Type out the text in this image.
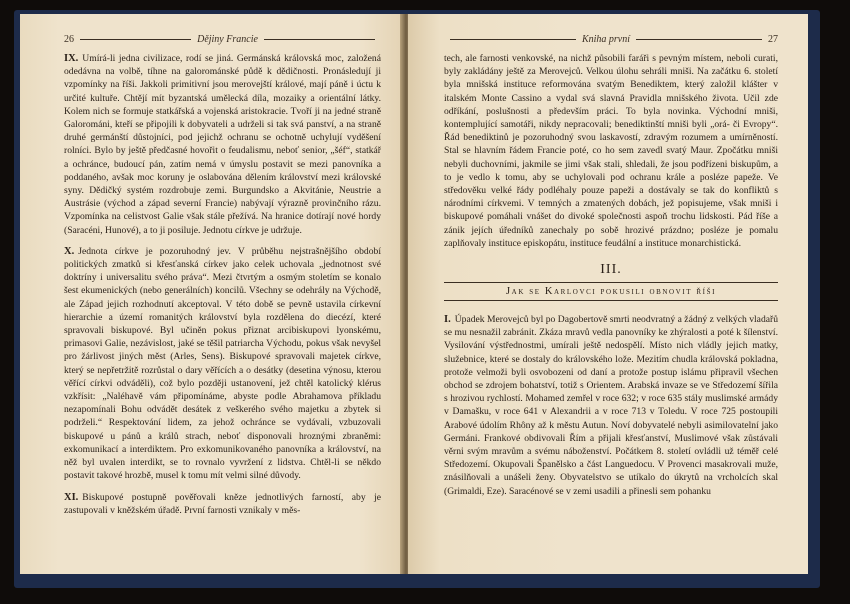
26	Dějiny Francie

IX. Umírá-li jedna civilizace, rodí se jiná. Germánská královská moc, založená odedávna na volbě, tíhne na galorománské půdě k dědičnosti. Pronásledují ji vzpomínky na říši. Jakkoli primitivní jsou merovejští králové, mají páně i úctu k určité kultuře. Chtějí mít byzantská umělecká díla, mozaiky a orientální látky. Kolem nich se formuje statkářská a vojenská aristokracie. Tvoří ji na jedné straně Galorománi, kteří se připojili k dobyvateli a udrželi si tak svá panství, a na straně druhé germánští důstojníci, pod jejichž ochranu se ochotně uchylují vyděšení rolníci. Bylo by ještě předčasné hovořit o feudalismu, neboť senior, „šéf“, statkář a ochránce, budoucí pán, zatím nemá v úmyslu postavit se mezi panovníka a poddaného, avšak moc koruny je oslabována dělením království mezi královské syny. Dědičký systém rozdrobuje zemi. Burgundsko a Akvitánie, Neustrie a Austrásie (východ a západ severní Francie) nabývají výrazně provinčního rázu. Vzpomínka na celistvost Galie však stále přežívá. Na hranice dotírají nové hordy (Saracéni, Hunové), a to ji posiluje. Jednotu církve je udržuje.

X. Jednota církve je pozoruhodný jev. V průběhu nejstrašnějšího období politických zmatků si křesťanská církev jako celek uchovala „jednotnost své doktríny i universalitu svého práva“. Mezi čtvrtým a osmým stoletím se konalo šest ekumenických (nebo generálních) koncilů. Všechny se odehrály na Východě, ale Západ jejich rozhodnutí akceptoval. V této době se pevně ustavila církevní hierarchie a území romanitých království byla rozdělena do diecézí, které spravovali biskupové. Byl učiněn pokus přiznat arcibiskupovi lyonskému, primasovi Galie, nezávislost, jaké se těšil patriarcha Východu, pokus však nevyšel pro žárlivost jiných měst (Arles, Sens). Biskupové spravovali majetek církve, který se nepřetržitě rozrůstal o dary věřících a o desátky (desetina výnosu, kterou věřící církvi odváděli), což bylo později ustanovení, jež chtěl katolický klérus vzkřísit: „Naléhavě vám připomínáme, abyste podle Abrahamova příkladu nezapomínali Bohu odvádět desátek z veškerého svého majetku a zbytek si podrželi.“ Respektování lidem, za jehož ochránce se vydávali, vzbuzovali biskupové u pánů a králů strach, neboť disponovali hroznými zbraněmi: exkomunikací a interdiktem. Pro exkomunikovaného panovníka a království, na něž byl uvalen interdikt, se to rovnalo vyvržení z lidstva. Chtěl-li se někdo postavit takové hrozbě, musel k tomu mít velmi silné důvody.

XI. Biskupové postupně pověřovali kněze jednotlivých farností, aby je zastupovali v kněžském úřadě. První farnosti vznikaly v měs-

Kniha první	27

tech, ale farnosti venkovské, na nichž působili faráři s pevným místem, neboli curati, byly zakládány ještě za Merovejců. Velkou úlohu sehráli mniši. Na začátku 6. století byla mnišská instituce reformována svatým Benediktem, který založil klášter v italském Monte Cassino a vydal svá slavná Pravidla mnišského života. Učil zde odříkání, poslušnosti a především práci. To byla novinka. Východní mniši, kontemplující samotáři, nikdy nepracovali; benediktinští mniši byli „orá- či Evropy“. Řád benediktinů je pozoruhodný svou laskavostí, zdravým rozumem a umírněností. Stal se hlavním řádem Francie poté, co ho sem zavedl svatý Maur. Zpočátku mniši nebyli duchovními, jakmile se jimi však stali, shledali, že jsou podřízeni biskupům, a to je vedlo k tomu, aby se uchylovali pod ochranu krále a posléze papeže. Ve středověku velké řády podléhaly pouze papeži a dostávaly se tak do konfliktů s národními církvemi. V temných a zmatených dobách, jež popisujeme, však mniši i biskupové pomáhali vnášet do divoké společnosti aspoň trochu lidskosti. Pád říše a zánik jejích úředníků zanechaly po sobě hrozivé prázdno; posléze je pomalu zaplňovaly instituce episkopátu, instituce feudální a instituce monarchistická.

III.
Jak se Karlovci pokusili obnovit říši

I. Úpadek Merovejců byl po Dagobertově smrti neodvratný a žádný z velkých vladařů se mu nesnažil zabránit. Zkáza mravů vedla panovníky ke zhýralosti a poté k šílenství. Vysilování výstřednostmi, umírali ještě nedospělí. Místo nich vládly jejich matky, služebnice, které se dostaly do královského lože. Mezitím chudla královská pokladna, protože velmoži byli osvobozeni od daní a protože postup islámu připravil všechen obchod se zdrojem bohatství, totiž s Orientem. Arabská invaze se ve Středozemí šířila s hrozivou rychlostí. Mohamed zemřel v roce 632; v roce 635 stály muslimské armády v Damašku, v roce 641 v Alexandrii a v roce 713 v Toledu. V roce 725 postoupili Arabové údolím Rhôny až k městu Autun. Noví dobyvatelé nebyli asimilovatelní jako Germáni. Frankové obdivovali Řím a přijali křesťanství, Muslimové však zůstávali věrni svým mravům a svému náboženství. Počátkem 8. století ovládli už téměř celé Středozemí. Okupovali Španělsko a část Languedocu. V Provenci masakrovali muže, znásilňovali a unášeli ženy. Obyvatelstvo se utíkalo do úkrytů na vrcholcích skal (Grimaldi, Eze). Saracénové se v zemi usadili a přinesli sem pohanku
